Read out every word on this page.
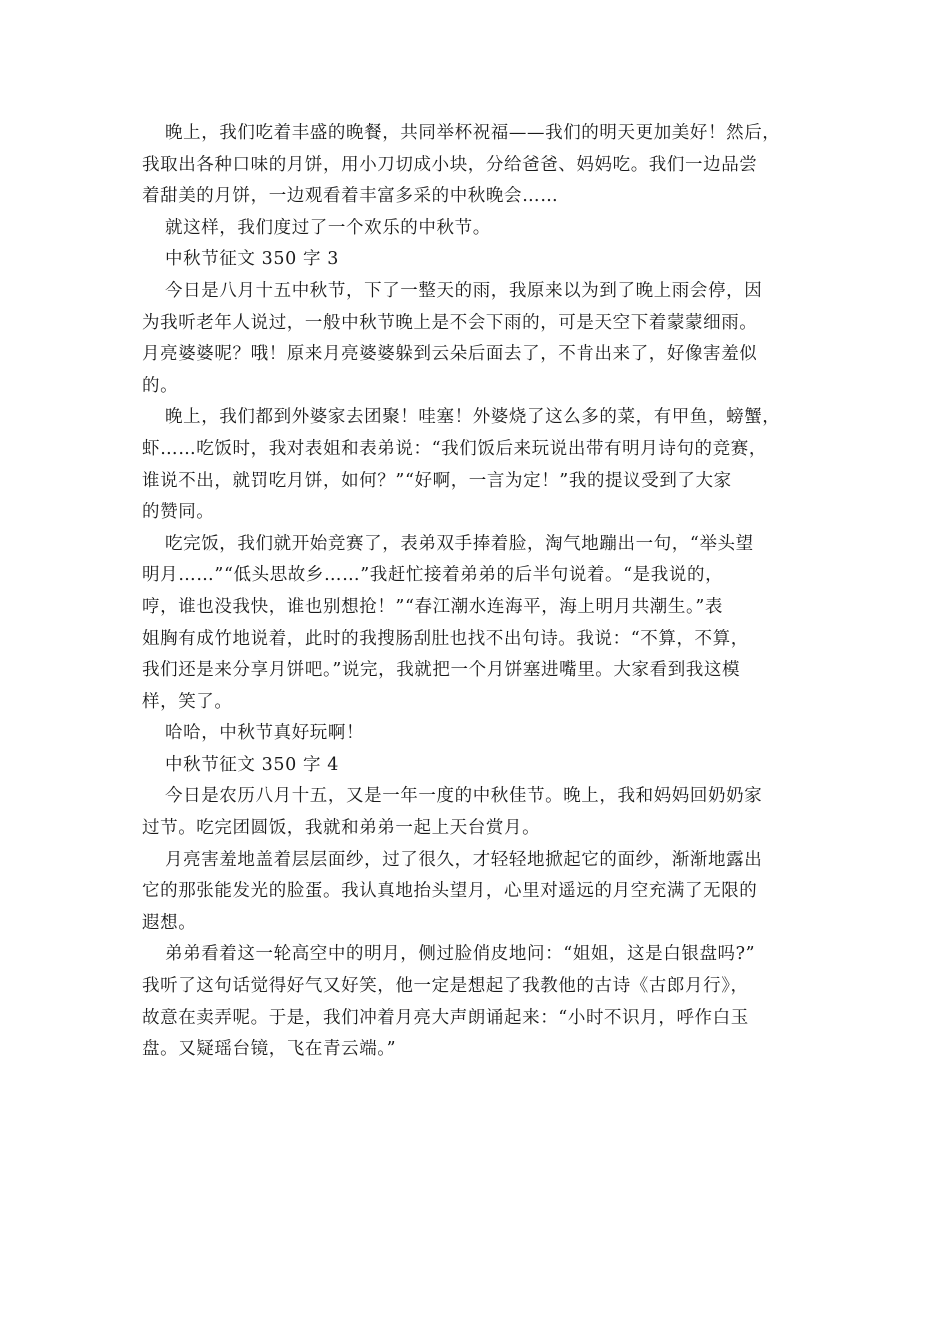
晚上，我们吃着丰盛的晚餐，共同举杯祝福——我们的明天更加美好！然后，
我取出各种口味的月饼，用小刀切成小块，分给爸爸、妈妈吃。我们一边品尝
着甜美的月饼，一边观看着丰富多采的中秋晚会……
就这样，我们度过了一个欢乐的中秋节。
中秋节征文 350 字 3
今日是八月十五中秋节，下了一整天的雨，我原来以为到了晚上雨会停，因
为我听老年人说过，一般中秋节晚上是不会下雨的，可是天空下着蒙蒙细雨。
月亮婆婆呢？哦！原来月亮婆婆躲到云朵后面去了，不肯出来了，好像害羞似
的。
晚上，我们都到外婆家去团聚！哇塞！外婆烧了这么多的菜，有甲鱼，螃蟹，
虾……吃饭时，我对表姐和表弟说：“我们饭后来玩说出带有明月诗句的竞赛，
谁说不出，就罚吃月饼，如何？”“好啊，一言为定！”我的提议受到了大家
的赞同。
吃完饭，我们就开始竞赛了，表弟双手捧着脸，淘气地蹦出一句，“举头望
明月……”“低头思故乡……”我赶忙接着弟弟的后半句说着。“是我说的，
哼，谁也没我快，谁也别想抢！”“春江潮水连海平，海上明月共潮生。”表
姐胸有成竹地说着，此时的我搜肠刮肚也找不出句诗。我说：“不算，不算，
我们还是来分享月饼吧。”说完，我就把一个月饼塞进嘴里。大家看到我这模
样，笑了。
哈哈，中秋节真好玩啊！
中秋节征文 350 字 4
今日是农历八月十五，又是一年一度的中秋佳节。晚上，我和妈妈回奶奶家
过节。吃完团圆饭，我就和弟弟一起上天台赏月。
月亮害羞地盖着层层面纱，过了很久，才轻轻地掀起它的面纱，渐渐地露出
它的那张能发光的脸蛋。我认真地抬头望月，心里对遥远的月空充满了无限的
遐想。
弟弟看着这一轮高空中的明月，侧过脸俏皮地问：“姐姐，这是白银盘吗?”
我听了这句话觉得好气又好笑，他一定是想起了我教他的古诗《古郎月行》，
故意在卖弄呢。于是，我们冲着月亮大声朗诵起来：“小时不识月，呼作白玉
盘。又疑瑶台镜，飞在青云端。”
